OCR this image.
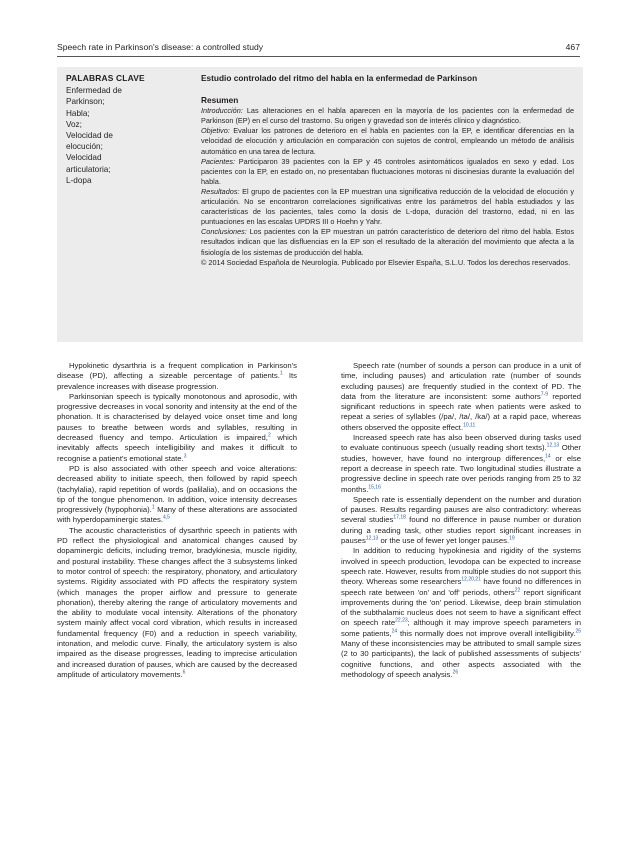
Speech rate in Parkinson's disease: a controlled study	467
PALABRAS CLAVE
Enfermedad de
Parkinson;
Habla;
Voz;
Velocidad de
elocución;
Velocidad
articulatoria;
L-dopa
Estudio controlado del ritmo del habla en la enfermedad de Parkinson
Resumen

Introducción: Las alteraciones en el habla aparecen en la mayoría de los pacientes con la enfermedad de Parkinson (EP) en el curso del trastorno. Su origen y gravedad son de interés clínico y diagnóstico.

Objetivo: Evaluar los patrones de deterioro en el habla en pacientes con la EP, e identificar diferencias en la velocidad de elocución y articulación en comparación con sujetos de control, empleando un método de análisis automático en una tarea de lectura.

Pacientes: Participaron 39 pacientes con la EP y 45 controles asintomáticos igualados en sexo y edad. Los pacientes con la EP, en estado on, no presentaban fluctuaciones motoras ni discinesias durante la evaluación del habla.

Resultados: El grupo de pacientes con la EP muestran una significativa reducción de la velocidad de elocución y articulación. No se encontraron correlaciones significativas entre los parámetros del habla estudiados y las características de los pacientes, tales como la dosis de L-dopa, duración del trastorno, edad, ni en las puntuaciones en las escalas UPDRS III o Hoehn y Yahr.

Conclusiones: Los pacientes con la EP muestran un patrón característico de deterioro del ritmo del habla. Estos resultados indican que las disfluencias en la EP son el resultado de la alteración del movimiento que afecta a la fisiología de los sistemas de producción del habla.

© 2014 Sociedad Española de Neurología. Publicado por Elsevier España, S.L.U. Todos los derechos reservados.

Hypokinetic dysarthria is a frequent complication in Parkinson's disease (PD), affecting a sizeable percentage of patients.$^1$ Its prevalence increases with disease progression.

Parkinsonian speech is typically monotonous and aprosodic, with progressive decreases in vocal sonority and intensity at the end of the phonation. It is characterised by delayed voice onset time and long pauses to breathe between words and syllables, resulting in decreased fluency and tempo. Articulation is impaired,$^2$ which inevitably affects speech intelligibility and makes it difficult to recognise a patient's emotional state.$^3$

PD is also associated with other speech and voice alterations: decreased ability to initiate speech, then followed by rapid speech (tachylalia), rapid repetition of words (palilalia), and on occasions the tip of the tongue phenomenon. In addition, voice intensity decreases progressively (hypophonia).$^1$ Many of these alterations are associated with hyperdopaminergic states.$^{4,5}$

The acoustic characteristics of dysarthric speech in patients with PD reflect the physiological and anatomical changes caused by dopaminergic deficits, including tremor, bradykinesia, muscle rigidity, and postural instability. These changes affect the 3 subsystems linked to motor control of speech: the respiratory, phonatory, and articulatory systems. Rigidity associated with PD affects the respiratory system (which manages the proper airflow and pressure to generate phonation), thereby altering the range of articulatory movements and the ability to modulate vocal intensity. Alterations of the phonatory system mainly affect vocal cord vibration, which results in increased fundamental frequency (F0) and a reduction in speech variability, intonation, and melodic curve. Finally, the articulatory system is also impaired as the disease progresses, leading to imprecise articulation and increased duration of pauses, which are caused by the decreased amplitude of articulatory movements.$^6$

Speech rate (number of sounds a person can produce in a unit of time, including pauses) and articulation rate (number of sounds excluding pauses) are frequently studied in the context of PD. The data from the literature are inconsistent: some authors$^{7-9}$ reported significant reductions in speech rate when patients were asked to repeat a series of syllables (/pa/, /ta/, /ka/) at a rapid pace, whereas others observed the opposite effect.$^{10,11}$

Increased speech rate has also been observed during tasks used to evaluate continuous speech (usually reading short texts).$^{12,13}$ Other studies, however, have found no intergroup differences,$^{14}$ or else report a decrease in speech rate. Two longitudinal studies illustrate a progressive decline in speech rate over periods ranging from 25 to 32 months.$^{15,16}$

Speech rate is essentially dependent on the number and duration of pauses. Results regarding pauses are also contradictory: whereas several studies$^{17,18}$ found no difference in pause number or duration during a reading task, other studies report significant increases in pauses$^{12,13}$ or the use of fewer yet longer pauses.$^{19}$

In addition to reducing hypokinesia and rigidity of the systems involved in speech production, levodopa can be expected to increase speech rate. However, results from multiple studies do not support this theory. Whereas some researchers$^{12,20,21}$ have found no differences in speech rate between 'on' and 'off' periods, others$^{22}$ report significant improvements during the 'on' period. Likewise, deep brain stimulation of the subthalamic nucleus does not seem to have a significant effect on speech rate$^{22,23}$; although it may improve speech parameters in some patients,$^{24}$ this normally does not improve overall intelligibility.$^{25}$ Many of these inconsistencies may be attributed to small sample sizes (2 to 30 participants), the lack of published assessments of subjects' cognitive functions, and other aspects associated with the methodology of speech analysis.$^{26}$
